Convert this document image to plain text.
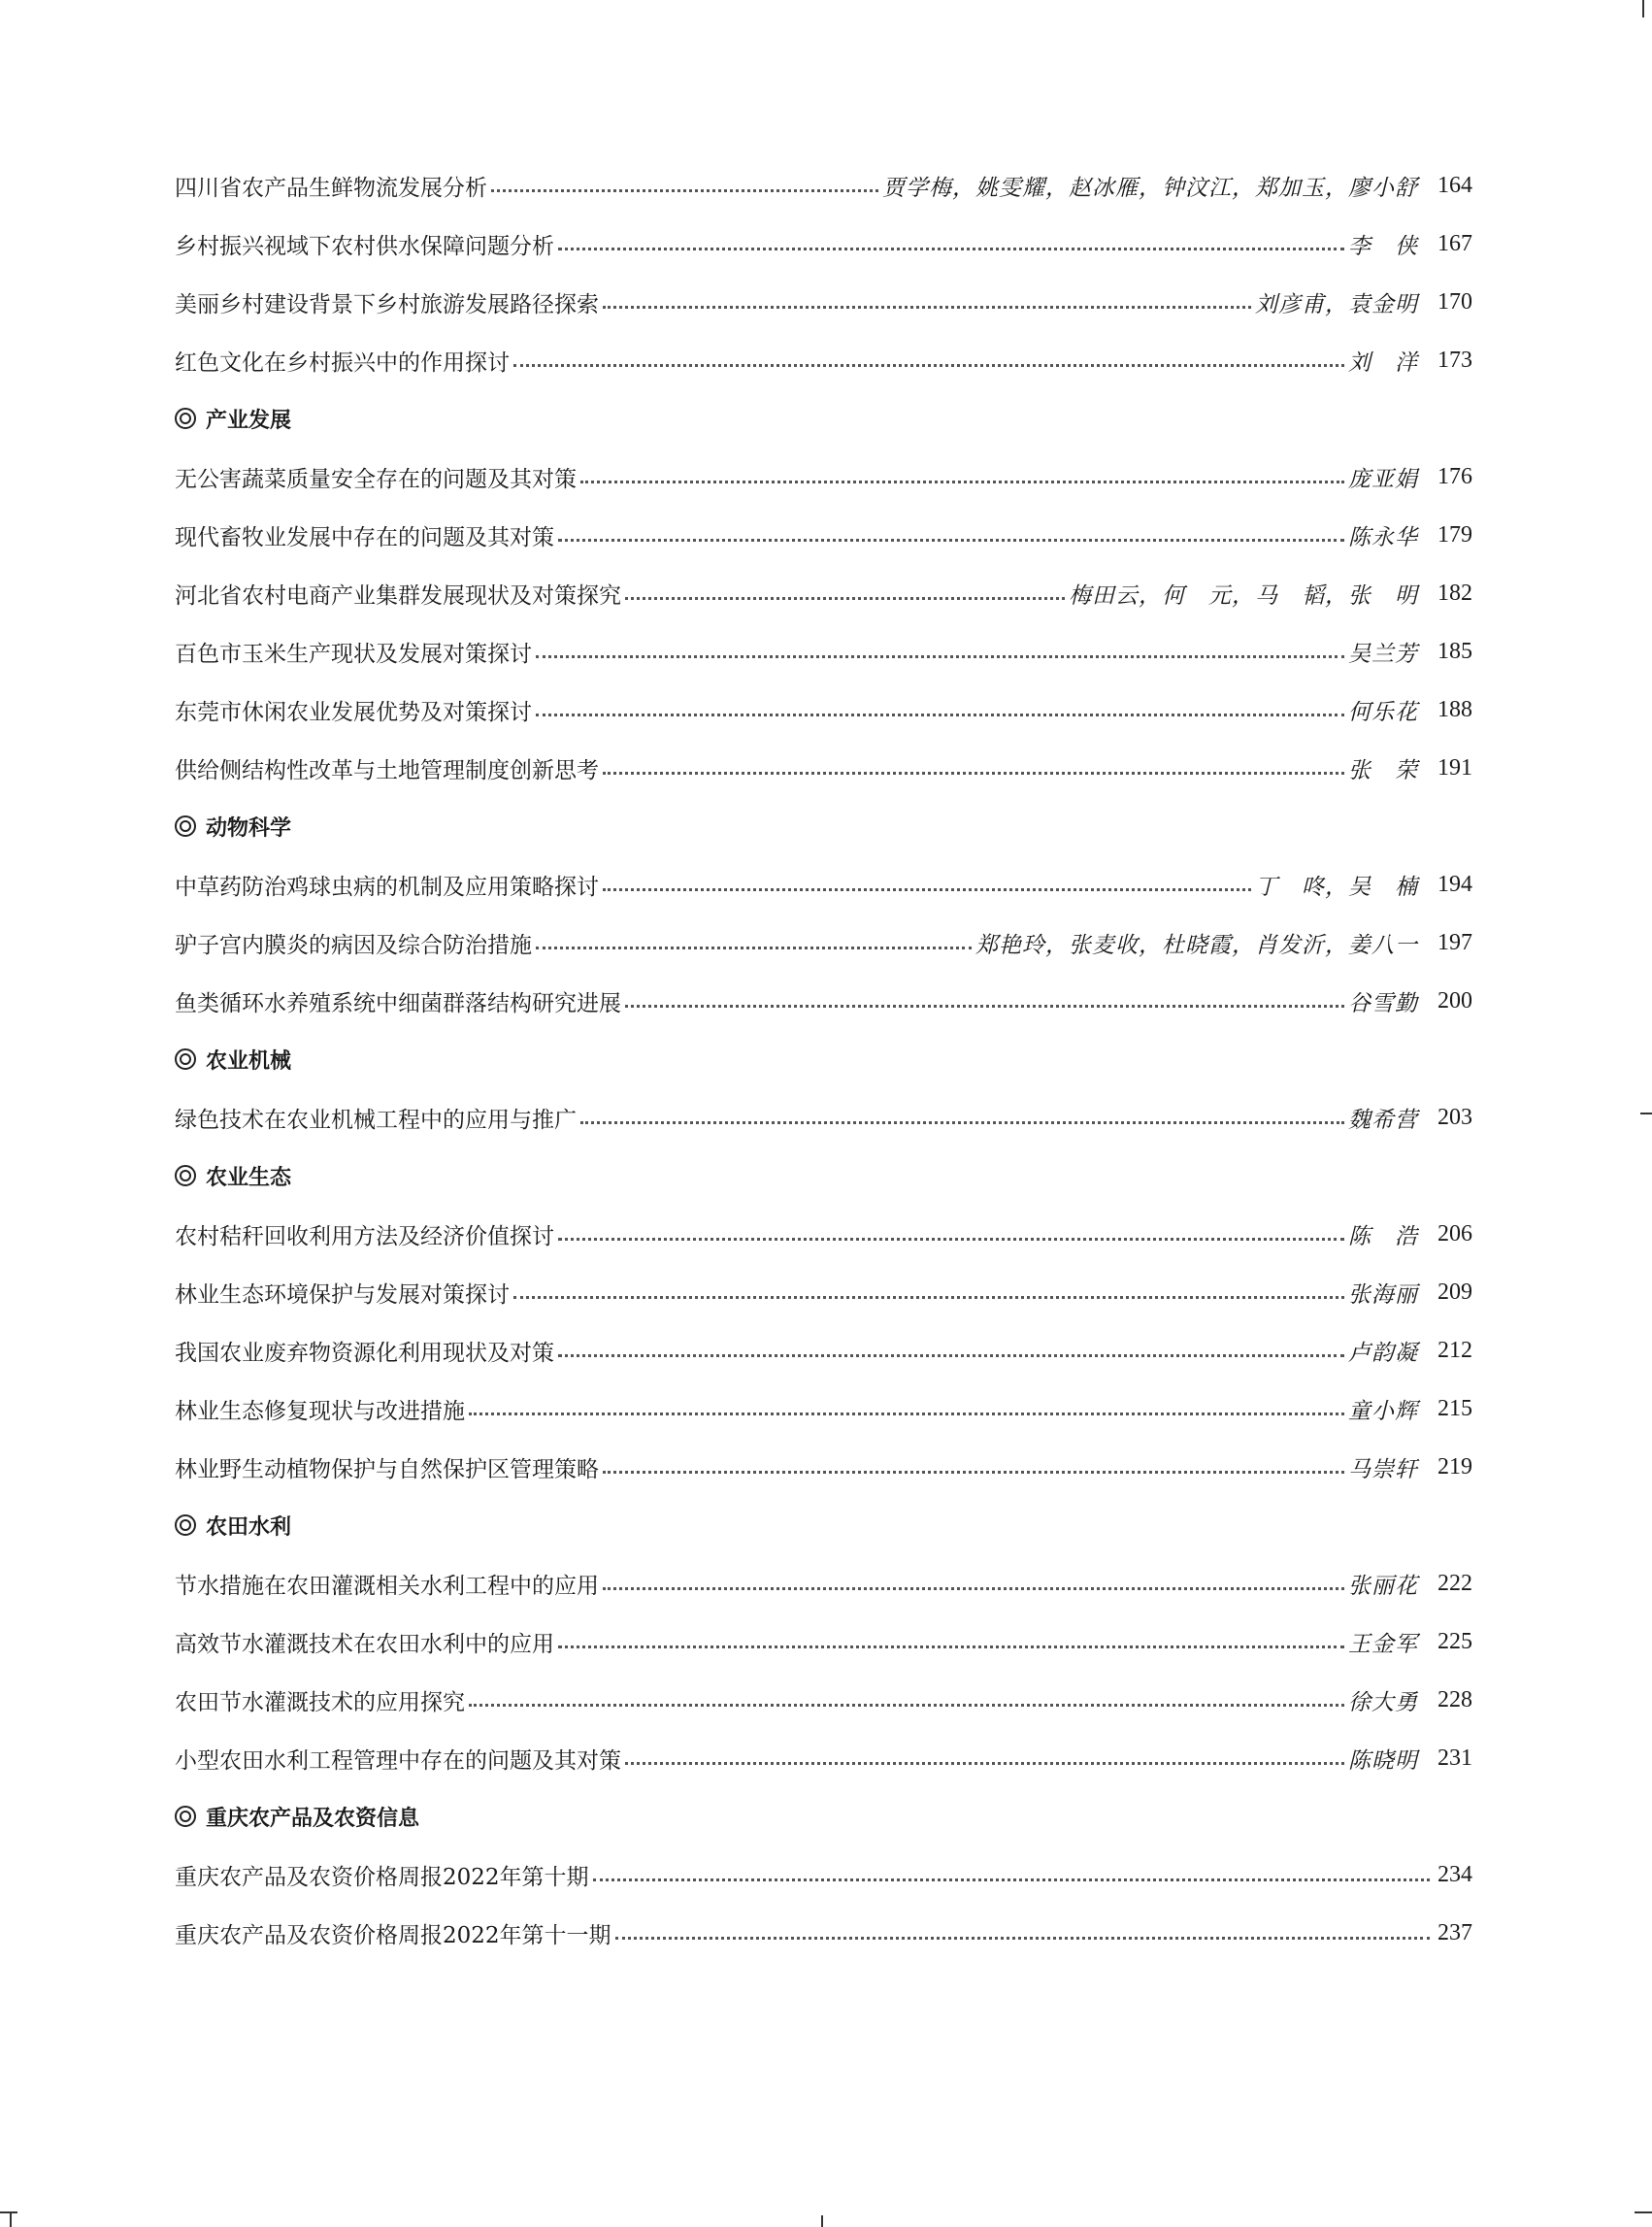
四川省农产品生鲜物流发展分析	贾学梅，姚雯耀，赵冰雁，钟汶江，郑加玉，廖小舒 164
乡村振兴视域下农村供水保障问题分析	李　侠 167
美丽乡村建设背景下乡村旅游发展路径探索	刘彦甫，袁金明 170
红色文化在乡村振兴中的作用探讨	刘　洋 173
产业发展
无公害蔬菜质量安全存在的问题及其对策	庞亚娟 176
现代畜牧业发展中存在的问题及其对策	陈永华 179
河北省农村电商产业集群发展现状及对策探究	梅田云，何　元，马　韬，张　明 182
百色市玉米生产现状及发展对策探讨	吴兰芳 185
东莞市休闲农业发展优势及对策探讨	何乐花 188
供给侧结构性改革与土地管理制度创新思考	张　荣 191
动物科学
中草药防治鸡球虫病的机制及应用策略探讨	丁　咚，吴　楠 194
驴子宫内膜炎的病因及综合防治措施	郑艳玲，张麦收，杜晓霞，肖发沂，姜八一 197
鱼类循环水养殖系统中细菌群落结构研究进展	谷雪勤 200
农业机械
绿色技术在农业机械工程中的应用与推广	魏希营 203
农业生态
农村秸秆回收利用方法及经济价值探讨	陈　浩 206
林业生态环境保护与发展对策探讨	张海丽 209
我国农业废弃物资源化利用现状及对策	卢韵凝 212
林业生态修复现状与改进措施	童小辉 215
林业野生动植物保护与自然保护区管理策略	马崇轩 219
农田水利
节水措施在农田灌溉相关水利工程中的应用	张丽花 222
高效节水灌溉技术在农田水利中的应用	王金军 225
农田节水灌溉技术的应用探究	徐大勇 228
小型农田水利工程管理中存在的问题及其对策	陈晓明 231
重庆农产品及农资信息
重庆农产品及农资价格周报2022年第十期	234
重庆农产品及农资价格周报2022年第十一期	237
